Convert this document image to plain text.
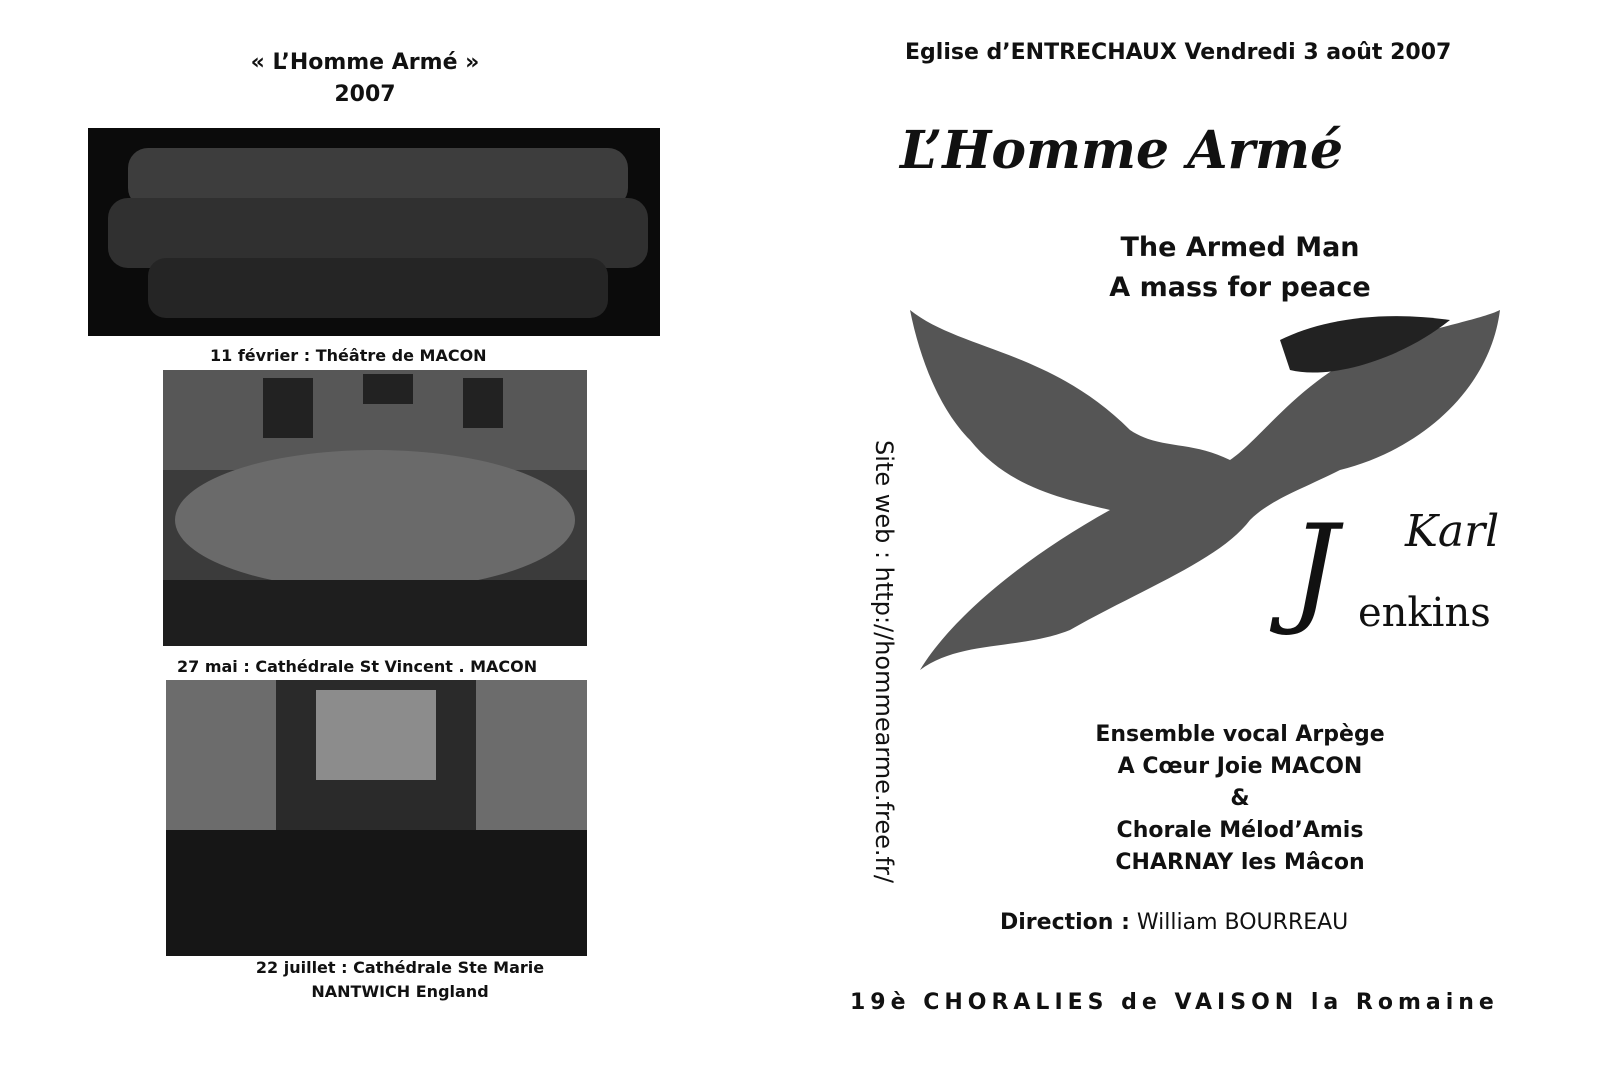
« L’Homme Armé »
2007
11 février : Théâtre de MACON
27 mai : Cathédrale St Vincent . MACON
22 juillet : Cathédrale Ste Marie
NANTWICH England
Eglise d’ENTRECHAUX Vendredi 3 août 2007
L’Homme Armé
The Armed Man
A mass for peace
J Karl
enkins
Ensemble vocal Arpège
A Cœur Joie MACON
&
Chorale Mélod’Amis
CHARNAY les Mâcon
Direction : William BOURREAU
19è CHORALIES de VAISON la Romaine
Site web : http://hommearme.free.fr/
